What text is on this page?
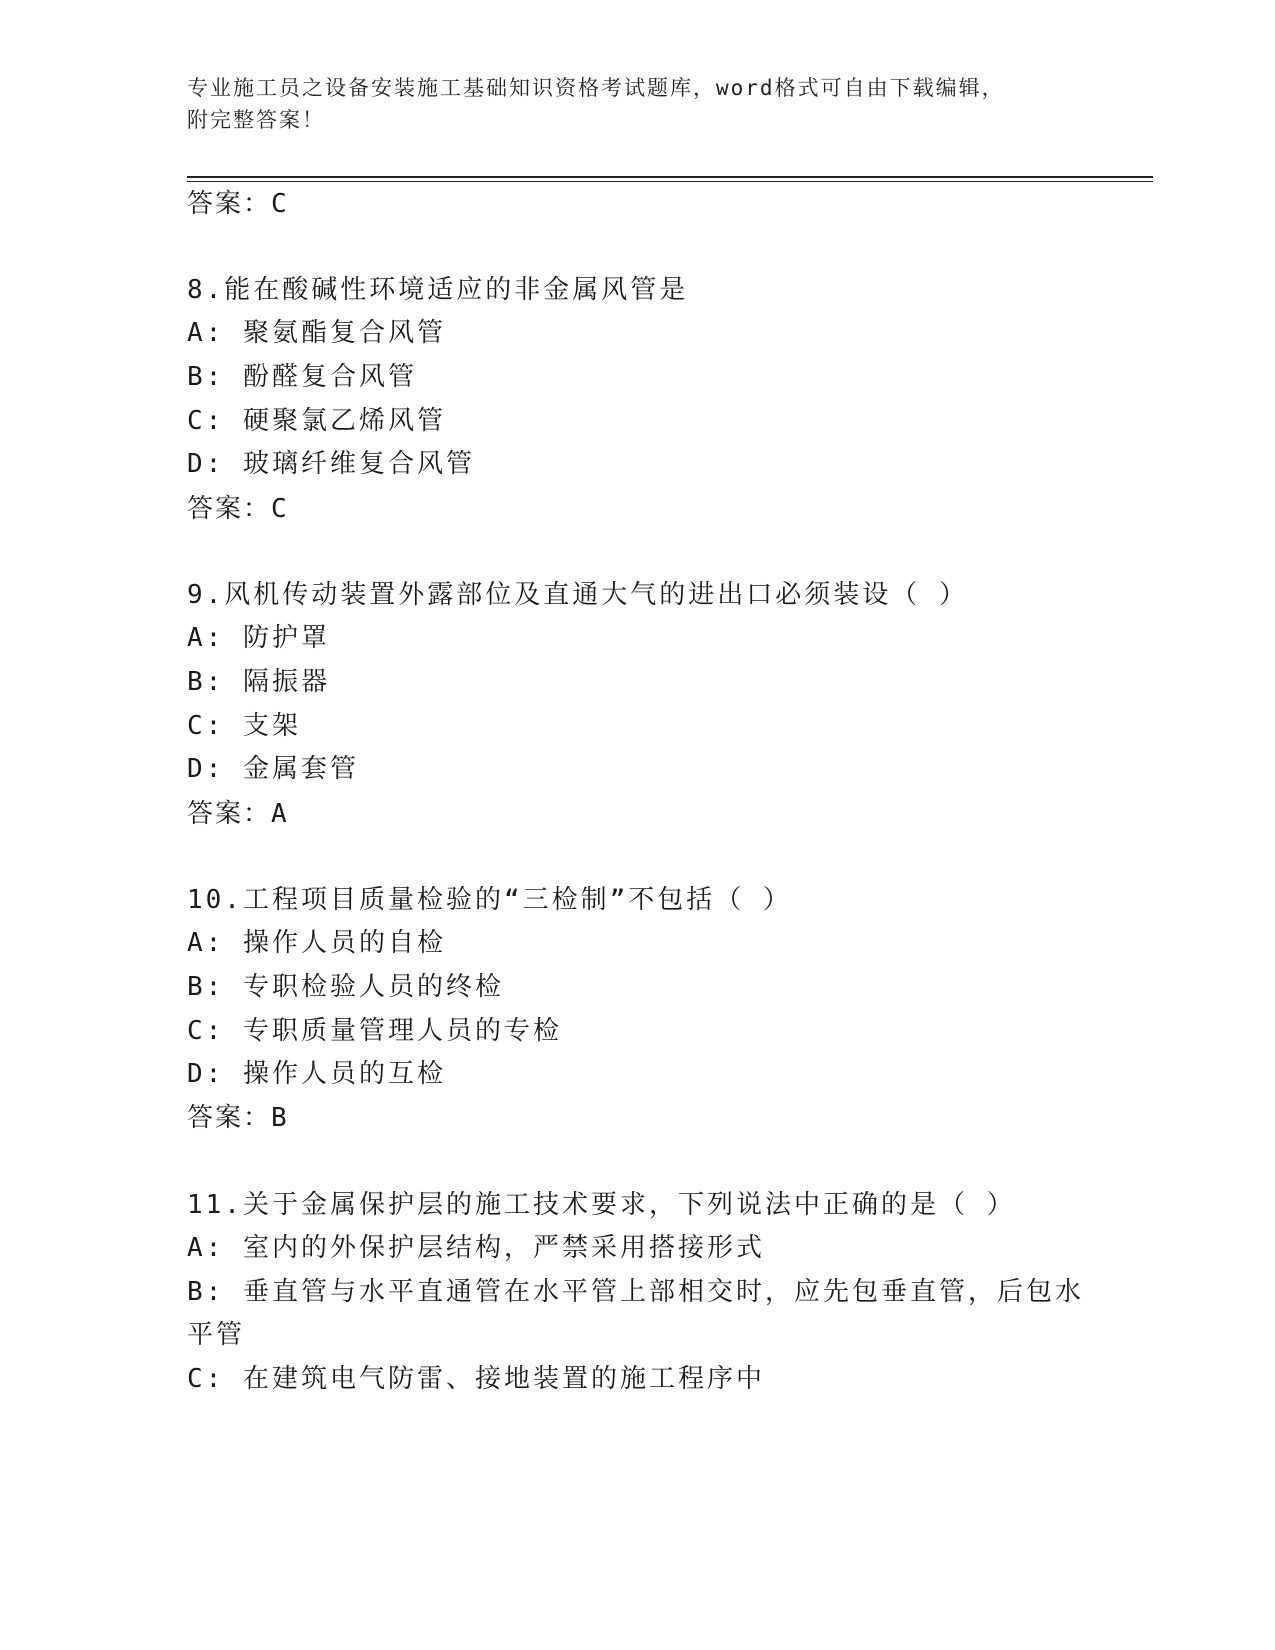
专业施工员之设备安装施工基础知识资格考试题库，word格式可自由下载编辑，
附完整答案！
答案：C
8.能在酸碱性环境适应的非金属风管是
A: 聚氨酯复合风管
B: 酚醛复合风管
C: 硬聚氯乙烯风管
D: 玻璃纤维复合风管
答案：C
9.风机传动装置外露部位及直通大气的进出口必须装设（ ）
A: 防护罩
B: 隔振器
C: 支架
D: 金属套管
答案：A
10.工程项目质量检验的“三检制”不包括（ ）
A: 操作人员的自检
B: 专职检验人员的终检
C: 专职质量管理人员的专检
D: 操作人员的互检
答案：B
11.关于金属保护层的施工技术要求，下列说法中正确的是（ ）
A: 室内的外保护层结构，严禁采用搭接形式
B: 垂直管与水平直通管在水平管上部相交时，应先包垂直管，后包水
平管
C: 在建筑电气防雷、接地装置的施工程序中
